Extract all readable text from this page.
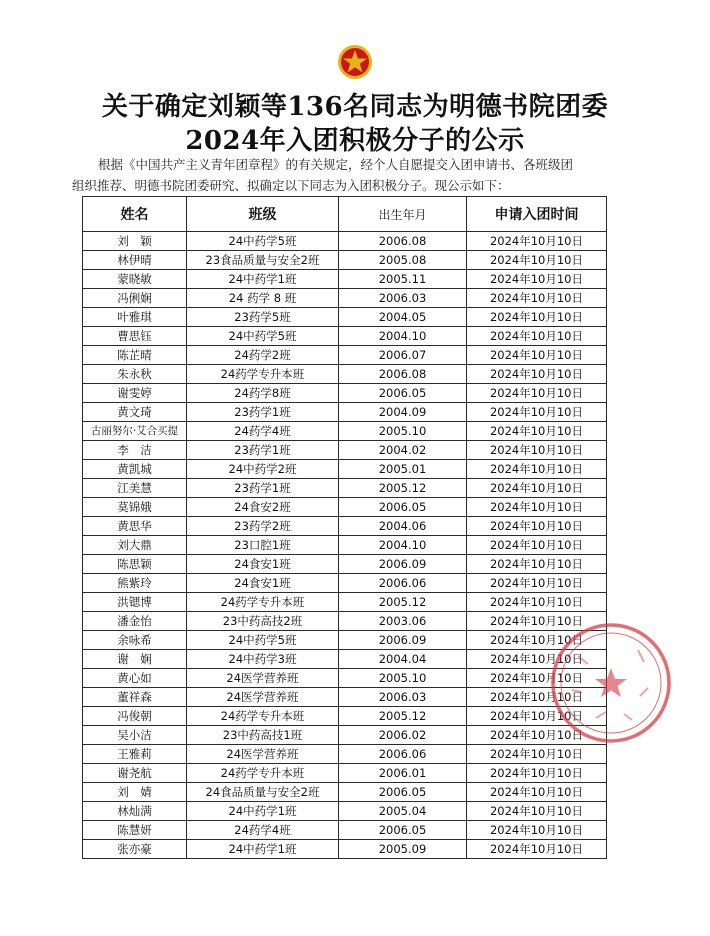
关于确定刘颖等136名同志为明德书院团委
2024年入团积极分子的公示
根据《中国共产主义青年团章程》的有关规定，经个人自愿提交入团申请书、各班级团
组织推荐、明德书院团委研究、拟确定以下同志为入团积极分子。现公示如下：
姓名	班级	出生年月	申请入团时间
刘　颖	24中药学5班	2006.08	2024年10月10日
林伊晴	23食品质量与安全2班	2005.08	2024年10月10日
蒙晓敏	24中药学1班	2005.11	2024年10月10日
冯俐娴	24 药学 8 班	2006.03	2024年10月10日
叶雅琪	23药学5班	2004.05	2024年10月10日
曹思钰	24中药学5班	2004.10	2024年10月10日
陈芷晴	24药学2班	2006.07	2024年10月10日
朱永秋	24药学专升本班	2006.08	2024年10月10日
谢雯婷	24药学8班	2006.05	2024年10月10日
黄文琦	23药学1班	2004.09	2024年10月10日
古丽努尔·艾合买提	24药学4班	2005.10	2024年10月10日
李　洁	23药学1班	2004.02	2024年10月10日
黄凯城	24中药学2班	2005.01	2024年10月10日
江美慧	23药学1班	2005.12	2024年10月10日
莫锦娥	24食安2班	2006.05	2024年10月10日
黄思华	23药学2班	2004.06	2024年10月10日
刘大鼎	23口腔1班	2004.10	2024年10月10日
陈思颖	24食安1班	2006.09	2024年10月10日
熊紫玲	24食安1班	2006.06	2024年10月10日
洪锶博	24药学专升本班	2005.12	2024年10月10日
潘金怡	23中药高技2班	2003.06	2024年10月10日
余咏希	24中药学5班	2006.09	2024年10月10日
谢　娴	24中药学3班	2004.04	2024年10月10日
黄心如	24医学营养班	2005.10	2024年10月10日
董祥森	24医学营养班	2006.03	2024年10月10日
冯俊朝	24药学专升本班	2005.12	2024年10月10日
吴小洁	23中药高技1班	2006.02	2024年10月10日
王雅莉	24医学营养班	2006.06	2024年10月10日
谢尧航	24药学专升本班	2006.01	2024年10月10日
刘　婧	24食品质量与安全2班	2006.05	2024年10月10日
林灿满	24中药学1班	2005.04	2024年10月10日
陈慧妍	24药学4班	2006.05	2024年10月10日
张亦豪	24中药学1班	2005.09	2024年10月10日
